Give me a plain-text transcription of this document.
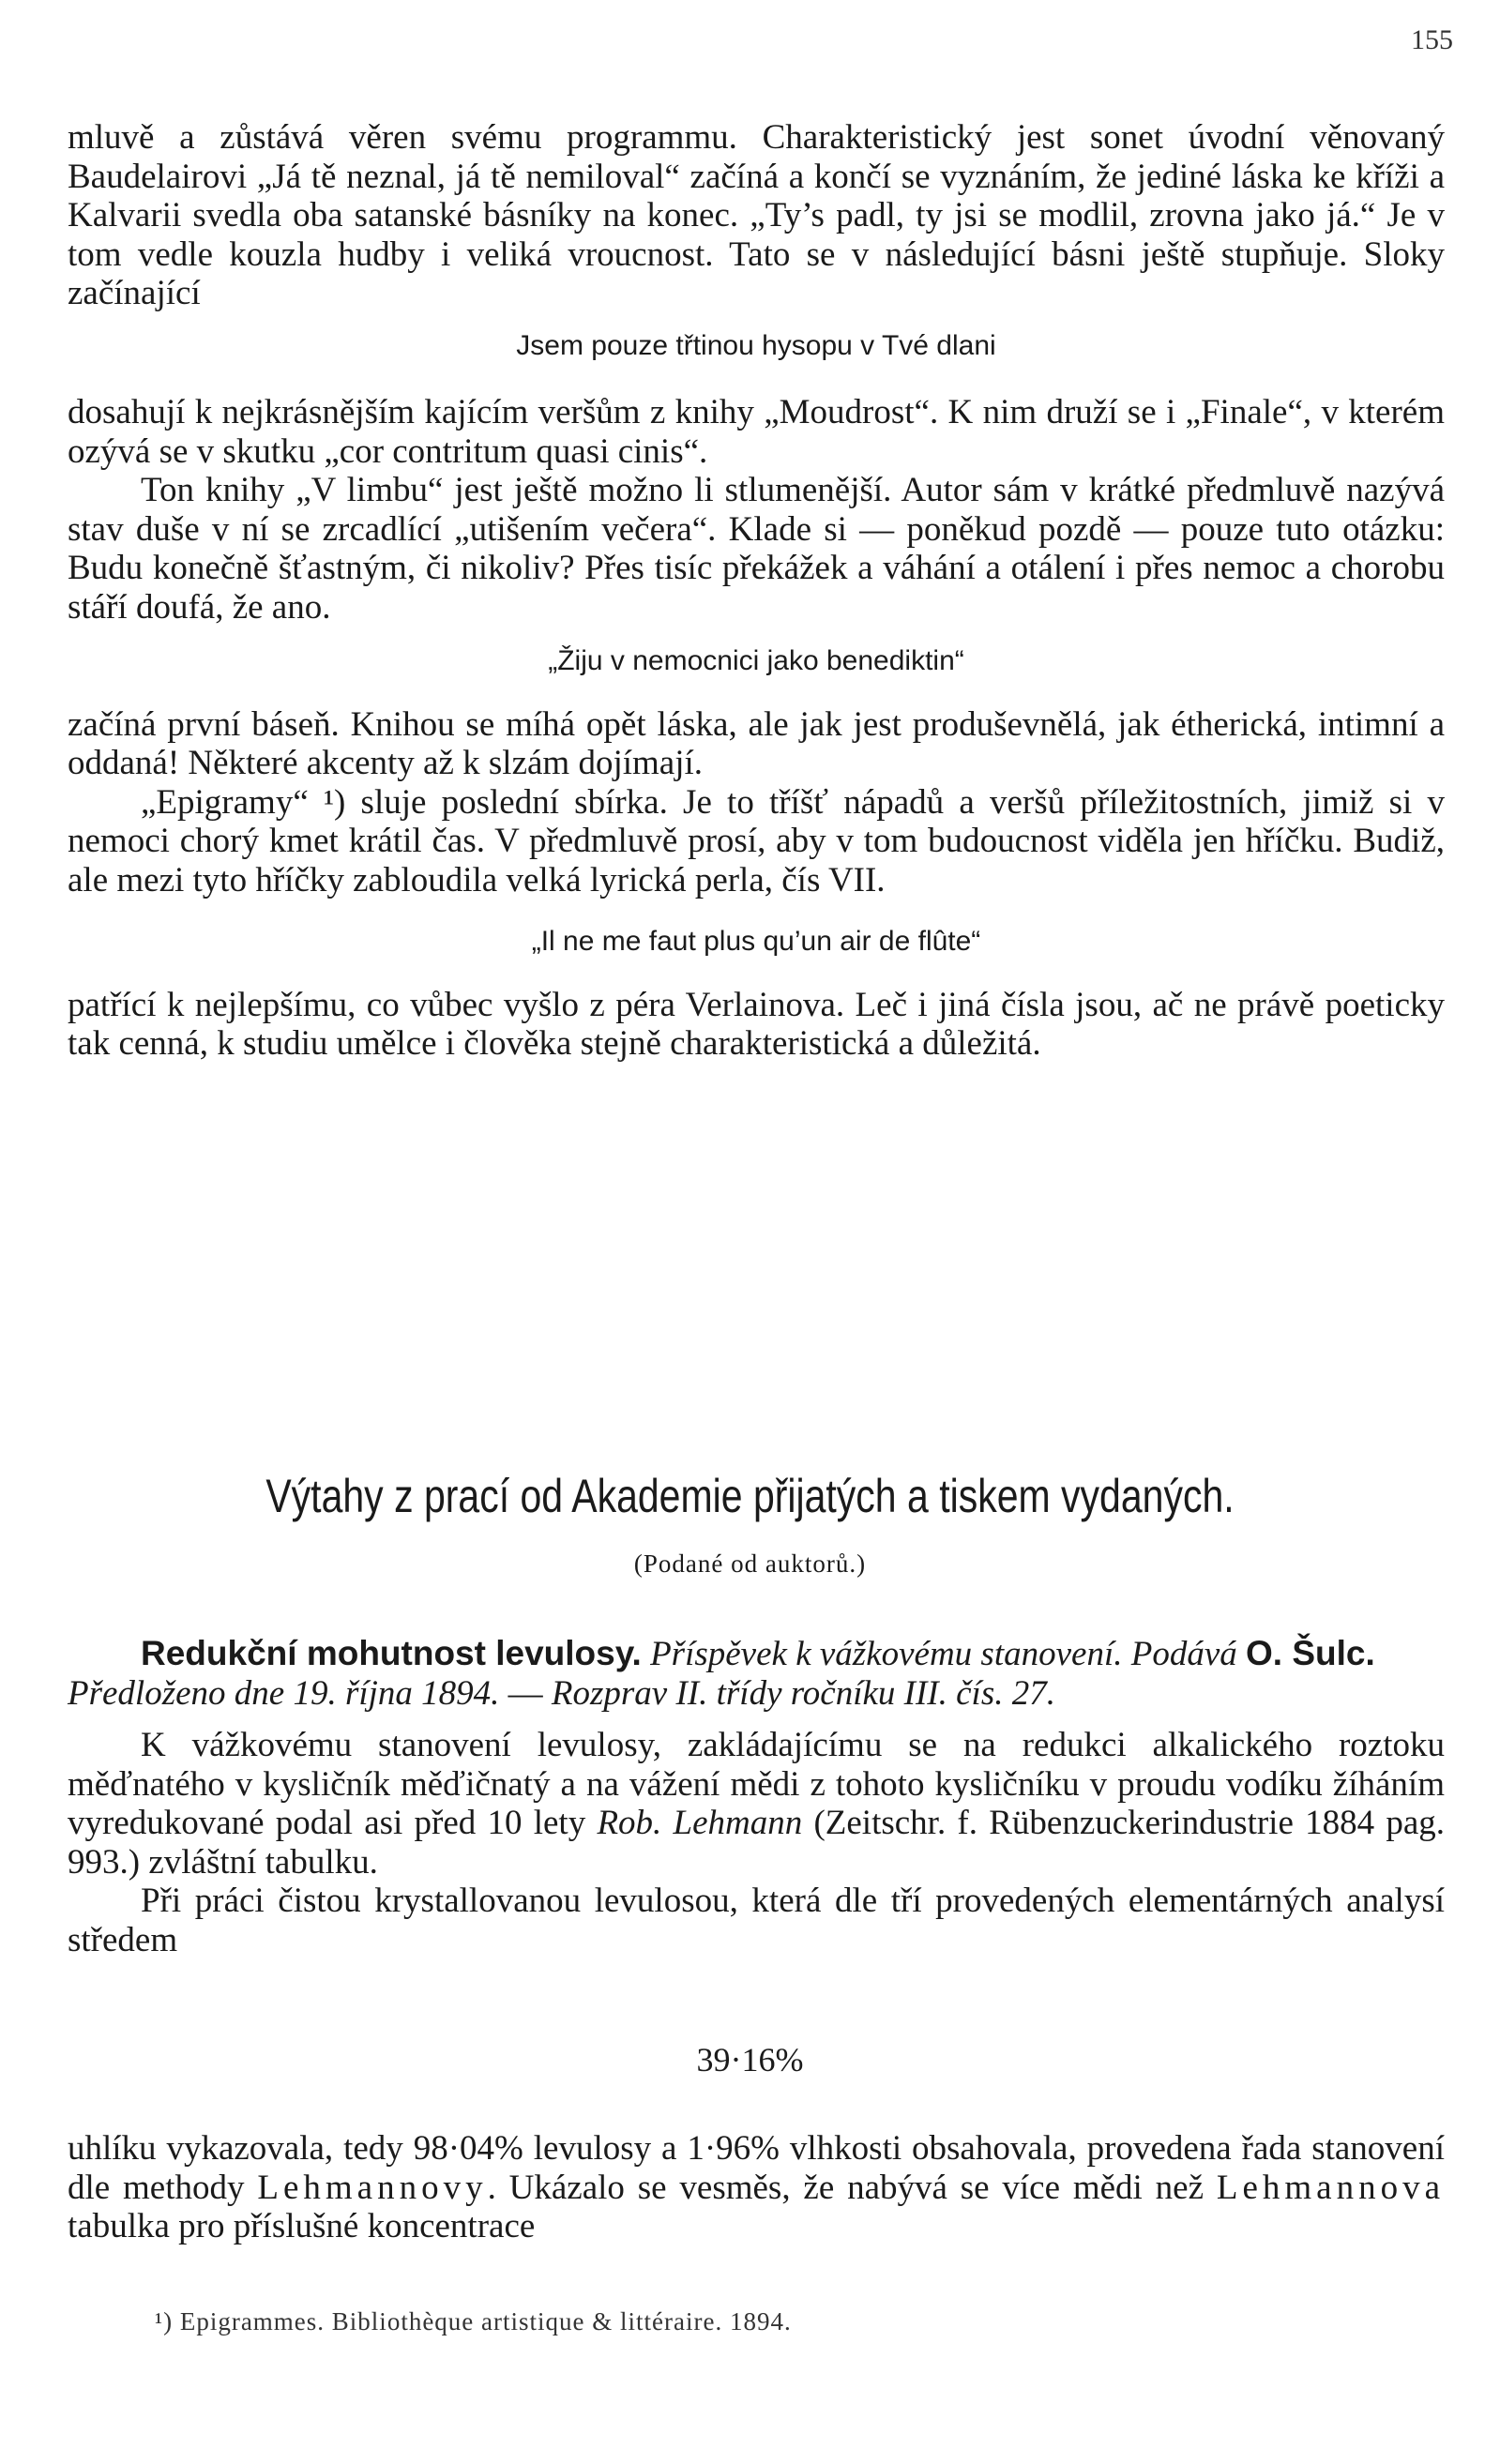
155

mluvě a zůstává věren svému programmu. Charakteristický jest sonet úvodní věnovaný Baudelairovi „Já tě neznal, já tě nemiloval“ začíná a končí se vyznáním, že jediné láska ke kříži a Kalvarii svedla oba satanské básníky na konec. „Ty’s padl, ty jsi se modlil, zrovna jako já.“ Je v tom vedle kouzla hudby i veliká vroucnost. Tato se v následující básni ještě stupňuje. Sloky začínající

Jsem pouze třtinou hysopu v Tvé dlani

dosahují k nejkrásnějším kajícím veršům z knihy „Moudrost“. K nim druží se i „Finale“, v kterém ozývá se v skutku „cor contritum quasi cinis“.

Ton knihy „V limbu“ jest ještě možno li stlumenější. Autor sám v krátké předmluvě nazývá stav duše v ní se zrcadlící „utišením večera“. Klade si — poněkud pozdě — pouze tuto otázku: Budu konečně šťastným, či nikoliv? Přes tisíc překážek a váhání a otálení i přes nemoc a chorobu stáří doufá, že ano.

„Žiju v nemocnici jako benediktin“

začíná první báseň. Knihou se míhá opět láska, ale jak jest produševnělá, jak étherická, intimní a oddaná! Některé akcenty až k slzám dojímají.

„Epigramy“ ¹) sluje poslední sbírka. Je to tříšť nápadů a veršů příležitostních, jimiž si v nemoci chorý kmet krátil čas. V předmluvě prosí, aby v tom budoucnost viděla jen hříčku. Budiž, ale mezi tyto hříčky zabloudila velká lyrická perla, čís VII.

„Il ne me faut plus qu’un air de flûte“

patřící k nejlepšímu, co vůbec vyšlo z péra Verlainova. Leč i jiná čísla jsou, ač ne právě poeticky tak cenná, k studiu umělce i člověka stejně charakteristická a důležitá.

Výtahy z prací od Akademie přijatých a tiskem vydaných.
(Podané od auktorů.)

Redukční mohutnost levulosy. Příspěvek k vážkovému stanovení. Podává O. Šulc. Předloženo dne 19. října 1894. — Rozprav II. třídy ročníku III. čís. 27.

K vážkovému stanovení levulosy, zakládajícímu se na redukci alkalického roztoku měďnatého v kysličník měďičnatý a na vážení mědi z tohoto kysličníku v proudu vodíku žíháním vyredukované podal asi před 10 lety Rob. Lehmann (Zeitschr. f. Rübenzuckerindustrie 1884 pag. 993.) zvláštní tabulku.

Při práci čistou krystallovanou levulosou, která dle tří provedených elementárných analysí středem

39·16%

uhlíku vykazovala, tedy 98·04% levulosy a 1·96% vlhkosti obsahovala, provedena řada stanovení dle methody Lehmannovy. Ukázalo se vesměs, že nabývá se více mědi než Lehmannova tabulka pro příslušné koncentrace

¹) Epigrammes. Bibliothèque artistique & littéraire. 1894.
